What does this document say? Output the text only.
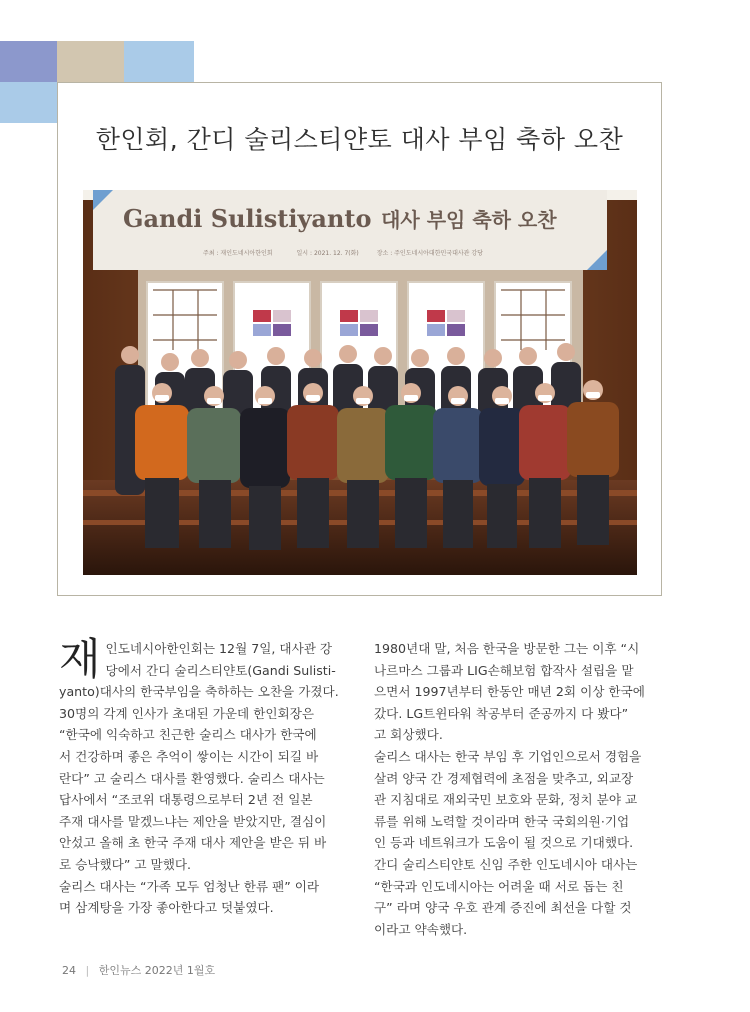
한인회, 간디 술리스티얀토 대사 부임 축하 오찬
Gandi Sulistiyanto 대사 부임 축하 오찬
주최 : 재인도네시아한인회	일시 : 2021. 12. 7(화)	장소 : 주인도네시아대한민국대사관 강당
재 인도네시아한인회는 12월 7일, 대사관 강
당에서 간디 술리스티얀토(Gandi Sulisti-
yanto)대사의 한국부임을 축하하는 오찬을 가졌다.
30명의 각계 인사가 초대된 가운데 한인회장은
“한국에 익숙하고 친근한 술리스 대사가 한국에
서 건강하며 좋은 추억이 쌓이는 시간이 되길 바
란다” 고 술리스 대사를 환영했다. 술리스 대사는
답사에서 “조코위 대통령으로부터 2년 전 일본
주재 대사를 맡겠느냐는 제안을 받았지만, 결심이
안섰고 올해 초 한국 주재 대사 제안을 받은 뒤 바
로 승낙했다” 고 말했다.
술리스 대사는 “가족 모두 엄청난 한류 팬” 이라
며 삼계탕을 가장 좋아한다고 덧붙였다.
1980년대 말, 처음 한국을 방문한 그는 이후 “시
나르마스 그룹과 LIG손해보험 합작사 설립을 맡
으면서 1997년부터 한동안 매년 2회 이상 한국에
갔다. LG트윈타워 착공부터 준공까지 다 봤다”
고 회상했다.
술리스 대사는 한국 부임 후 기업인으로서 경험을
살려 양국 간 경제협력에 초점을 맞추고, 외교장
관 지침대로 재외국민 보호와 문화, 정치 분야 교
류를 위해 노력할 것이라며 한국 국회의원·기업
인 등과 네트워크가 도움이 될 것으로 기대했다.
간디 술리스티얀토 신임 주한 인도네시아 대사는
“한국과 인도네시아는 어려울 때 서로 돕는 친
구” 라며 양국 우호 관계 증진에 최선을 다할 것
이라고 약속했다.
24 | 한인뉴스 2022년 1월호
